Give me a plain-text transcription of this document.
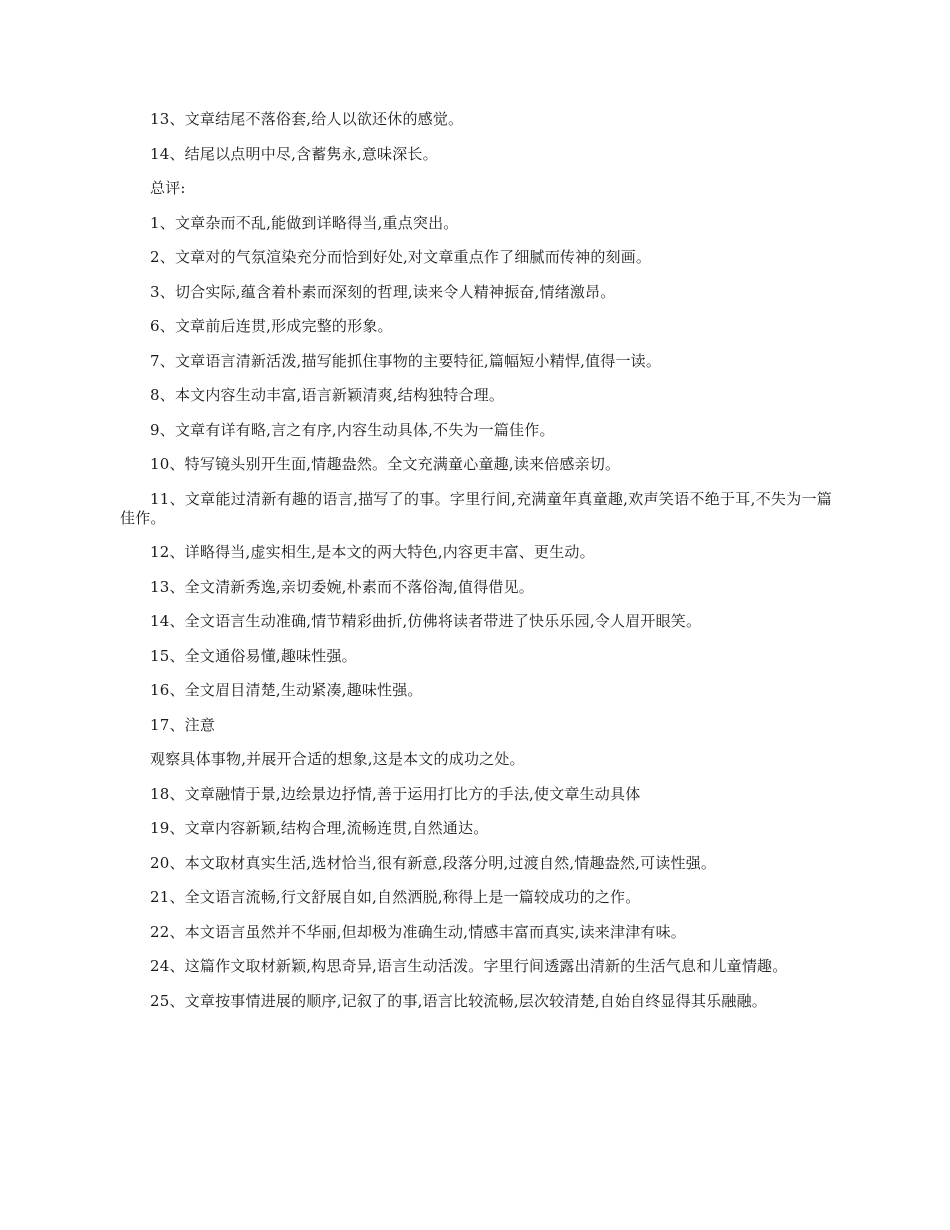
13、文章结尾不落俗套,给人以欲还休的感觉。

14、结尾以点明中尽,含蓄隽永,意味深长。

总评:

1、文章杂而不乱,能做到详略得当,重点突出。

2、文章对的气氛渲染充分而恰到好处,对文章重点作了细腻而传神的刻画。

3、切合实际,蕴含着朴素而深刻的哲理,读来令人精神振奋,情绪激昂。

6、文章前后连贯,形成完整的形象。

7、文章语言清新活泼,描写能抓住事物的主要特征,篇幅短小精悍,值得一读。

8、本文内容生动丰富,语言新颖清爽,结构独特合理。

9、文章有详有略,言之有序,内容生动具体,不失为一篇佳作。

10、特写镜头别开生面,情趣盎然。全文充满童心童趣,读来倍感亲切。

11、文章能过清新有趣的语言,描写了的事。字里行间,充满童年真童趣,欢声笑语不绝于耳,不失为一篇佳作。

12、详略得当,虚实相生,是本文的两大特色,内容更丰富、更生动。

13、全文清新秀逸,亲切委婉,朴素而不落俗淘,值得借见。

14、全文语言生动准确,情节精彩曲折,仿佛将读者带进了快乐乐园,令人眉开眼笑。

15、全文通俗易懂,趣味性强。

16、全文眉目清楚,生动紧凑,趣味性强。

17、注意

观察具体事物,并展开合适的想象,这是本文的成功之处。

18、文章融情于景,边绘景边抒情,善于运用打比方的手法,使文章生动具体

19、文章内容新颖,结构合理,流畅连贯,自然通达。

20、本文取材真实生活,选材恰当,很有新意,段落分明,过渡自然,情趣盎然,可读性强。

21、全文语言流畅,行文舒展自如,自然洒脱,称得上是一篇较成功的之作。

22、本文语言虽然并不华丽,但却极为准确生动,情感丰富而真实,读来津津有味。

24、这篇作文取材新颖,构思奇异,语言生动活泼。字里行间透露出清新的生活气息和儿童情趣。

25、文章按事情进展的顺序,记叙了的事,语言比较流畅,层次较清楚,自始自终显得其乐融融。
